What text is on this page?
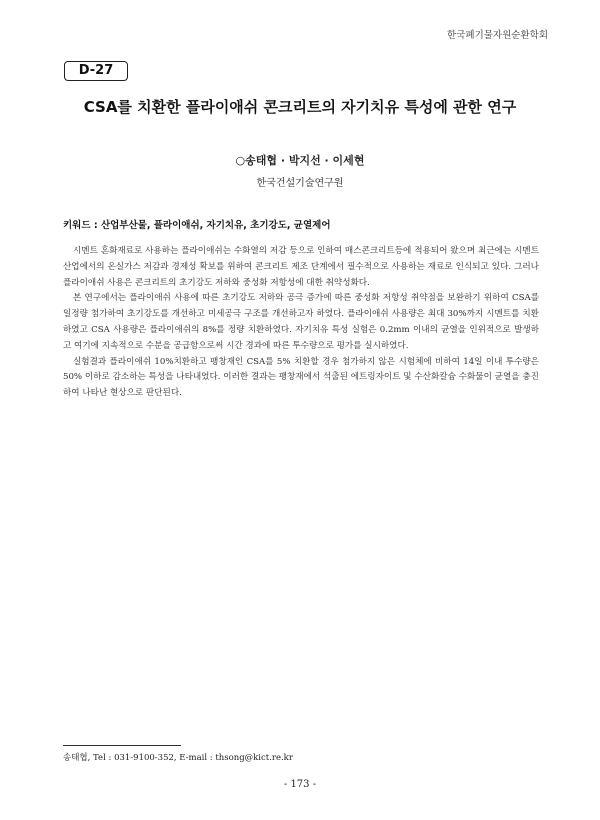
한국폐기물자원순환학회
D-27
CSA를 치환한 플라이애쉬 콘크리트의 자기치유 특성에 관한 연구
○송태협 · 박지선 · 이세현
한국건설기술연구원
키워드 : 산업부산물, 플라이애쉬, 자기치유, 초기강도, 균열제어

시멘트 혼화재료로 사용하는 플라이애쉬는 수화열의 저감 등으로 인하여 매스콘크리트등에 적용되어 왔으며 최근에는 시멘트 산업에서의 온실가스 저감과 경제성 확보를 위하여 콘크리트 제조 단계에서 필수적으로 사용하는 재료로 인식되고 있다. 그러나 플라이애쉬 사용은 콘크리트의 초기강도 저하와 중성화 저항성에 대한 취약성화다.

본 연구에서는 플라이애쉬 사용에 따른 초기강도 저하와 공극 증가에 따른 중성화 저항성 취약점을 보완하기 위하여 CSA를 일정량 첨가하여 초기강도를 개선하고 미세공극 구조를 개선하고자 하였다. 플라이애쉬 사용량은 최대 30%까지 시멘트를 치환하였고 CSA 사용량은 플라이애쉬의 8%를 정량 치환하였다. 자기치유 특성 실험은 0.2mm 이내의 균열을 인위적으로 발생하고 여기에 지속적으로 수분을 공급함으로써 시간 경과에 따른 투수량으로 평가를 실시하였다.

실험결과 플라이애쉬 10%치환하고 팽창재인 CSA를 5% 치환할 경우 첨가하지 않은 시험체에 비하여 14일 이내 투수량은 50% 이하로 감소하는 특성을 나타내었다. 이러한 결과는 팽창재에서 석출된 에트링자이트 및 수산화칼슘 수화물이 균열을 충진하여 나타난 현상으로 판단된다.

송태협, Tel : 031-9100-352, E-mail : thsong@kict.re.kr
- 173 -
